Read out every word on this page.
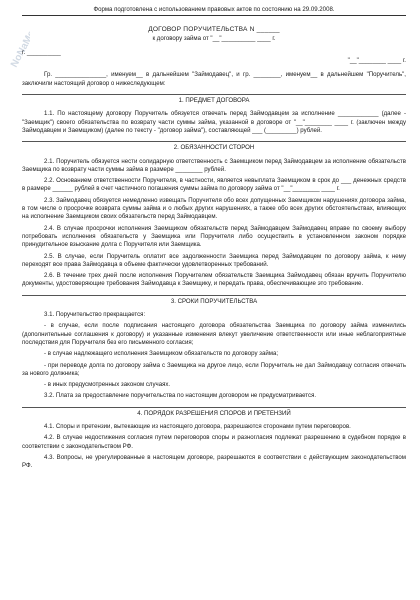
NoNaMe
Форма подготовлена с использованием правовых актов по состоянию на 29.09.2008.
ДОГОВОР ПОРУЧИТЕЛЬСТВА N ______
к договору займа от "__"__________ ____ г.
г. __________
"__"________ ____ г.

Гр. _______________, именуем__ в дальнейшем "Займодавец", и гр. ________, именуем__ в дальнейшем "Поручитель", заключили настоящий договор о нижеследующем:

1. ПРЕДМЕТ ДОГОВОРА

1.1. По настоящему договору Поручитель обязуется отвечать перед Займодавцем за исполнение ____________ (далее - "Заемщик") своего обязательства по возврату части суммы займа, указанной в договоре от "__"________ ____ г. (заключен между Займодавцем и Заемщиком) (далее по тексту - "договор займа"), составляющей ___ (_________) рублей.

2. ОБЯЗАННОСТИ СТОРОН

2.1. Поручитель обязуется нести солидарную ответственность с Заемщиком перед Займодавцем за исполнение обязательств Заемщика по возврату части суммы займа в размере ________ рублей.

2.2. Основанием ответственности Поручителя, в частности, является невыплата Заемщиком в срок до ___ денежных средств в размере ______ рублей в счет частичного погашения суммы займа по договору займа от "__"________ ____ г.

2.3. Займодавец обязуется немедленно извещать Поручителя обо всех допущенных Заемщиком нарушениях договора займа, в том числе о просрочке возврата суммы займа и о любых других нарушениях, а также обо всех других обстоятельствах, влияющих на исполнение Заемщиком своих обязательств перед Займодавцем.

2.4. В случае просрочки исполнения Заемщиком обязательств перед Займодавцем Займодавец вправе по своему выбору потребовать исполнения обязательств у Заемщика или Поручителя либо осуществить в установленном законом порядке принудительное взыскание долга с Поручителя или Заемщика.

2.5. В случае, если Поручитель оплатит все задолженности Заемщика перед Займодавцем по договору займа, к нему переходят все права Займодавца в объеме фактически удовлетворенных требований.

2.6. В течение трех дней после исполнения Поручителем обязательств Заемщика Займодавец обязан вручить Поручителю документы, удостоверяющие требования Займодавца к Заемщику, и передать права, обеспечивающие это требование.

3. СРОКИ ПОРУЧИТЕЛЬСТВА

3.1. Поручительство прекращается:

- в случае, если после подписания настоящего договора обязательства Заемщика по договору займа изменились (дополнительные соглашения к договору) и указанные изменения влекут увеличение ответственности или иные неблагоприятные последствия для Поручителя без его письменного согласия;

- в случае надлежащего исполнения Заемщиком обязательств по договору займа;

- при переводе долга по договору займа с Заемщика на другое лицо, если Поручитель не дал Займодавцу согласия отвечать за нового должника;

- в иных предусмотренных законом случаях.

3.2. Плата за предоставление поручительства по настоящим договором не предусматривается.

4. ПОРЯДОК РАЗРЕШЕНИЯ СПОРОВ И ПРЕТЕНЗИЙ

4.1. Споры и претензии, вытекающие из настоящего договора, разрешаются сторонами путем переговоров.

4.2. В случае недостижения согласия путем переговоров споры и разногласия подлежат разрешению в судебном порядке в соответствии с законодательством РФ.

4.3. Вопросы, не урегулированные в настоящем договоре, разрешаются в соответствии с действующим законодательством РФ.
